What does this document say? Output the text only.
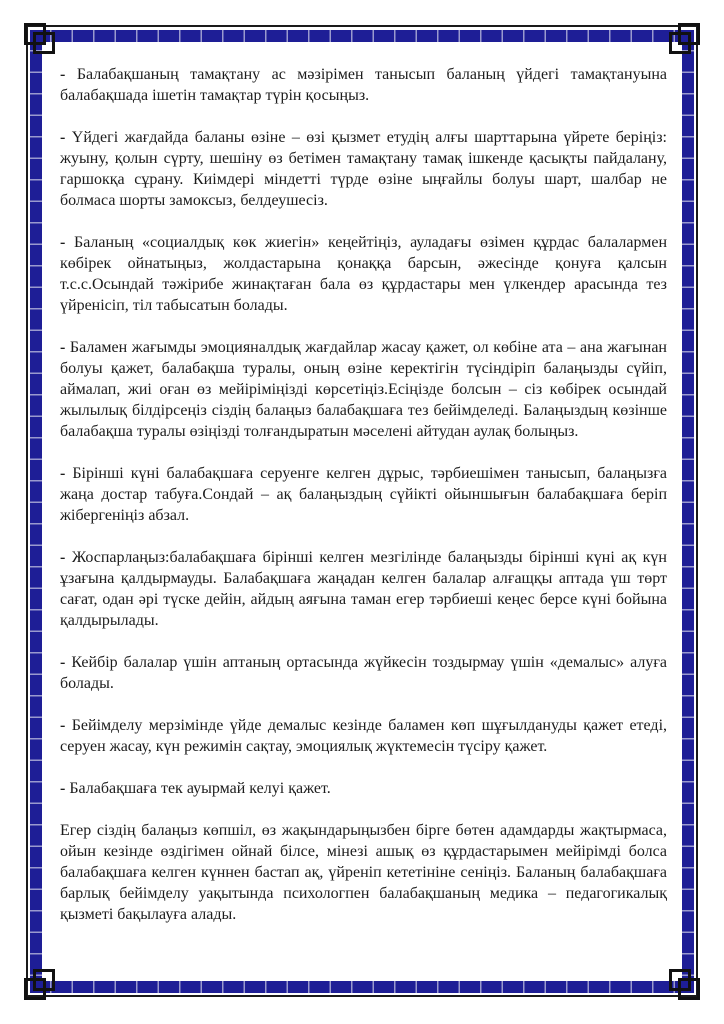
- Балабақшаның тамақтану ас мәзірімен танысып баланың үйдегі тамақтануына балабақшада ішетін тамақтар түрін қосыңыз.

- Үйдегі жағдайда баланы өзіне – өзі қызмет етудің алғы шарттарына үйрете беріңіз: жуыну, қолын сүрту, шешіну өз бетімен тамақтану тамақ ішкенде қасықты пайдалану, гаршокқа сұрану. Киімдері міндетті түрде өзіне ыңғайлы болуы шарт, шалбар не болмаса шорты замоксыз, белдеушесіз.

- Баланың «социалдық көк жиегін» кеңейтіңіз, ауладағы өзімен құрдас балалармен көбірек ойнатыңыз, жолдастарына қонаққа барсын, әжесінде қонуға қалсын т.с.с.Осындай тәжірибе жинақтаған бала өз құрдастары мен үлкендер арасында тез үйренісіп, тіл табысатын болады.

- Баламен жағымды эмоцияналдық жағдайлар жасау қажет, ол көбіне ата – ана жағынан болуы қажет, балабақша туралы, оның өзіне керектігін түсіндіріп балаңызды сүйіп, аймалап, жиі оған өз мейіріміңізді көрсетіңіз.Есіңізде болсын – сіз көбірек осындай жылылық білдірсеңіз сіздің балаңыз балабақшаға тез бейімделеді. Балаңыздың көзінше балабақша туралы өзіңізді толғандыратын мәселені айтудан аулақ болыңыз.

- Бірінші күні балабақшаға серуенге келген дұрыс, тәрбиешімен танысып, балаңызға жаңа достар табуға.Сондай – ақ балаңыздың сүйікті ойыншығын балабақшаға беріп жібергеніңіз абзал.

- Жоспарлаңыз:балабақшаға бірінші келген мезгілінде балаңызды бірінші күні ақ күн ұзағына қалдырмауды. Балабақшаға жаңадан келген балалар алғащқы аптада үш төрт сағат, одан әрі түске дейін, айдың аяғына таман егер тәрбиеші кеңес берсе күні бойына қалдырылады.

- Кейбір балалар үшін аптаның ортасында жүйкесін тоздырмау үшін «демалыс» алуға болады.

- Бейімделу мерзімінде үйде демалыс кезінде баламен көп шұғылдануды қажет етеді, серуен жасау, күн режимін сақтау, эмоциялық жүктемесін түсіру қажет.

- Балабақшаға тек ауырмай келуі қажет.

Егер сіздің балаңыз көпшіл, өз жақындарыңызбен бірге бөтен адамдарды жақтырмаса, ойын кезінде өздігімен ойнай білсе, мінезі ашық өз құрдастарымен мейірімді болса балабақшаға келген күннен бастап ақ, үйреніп кететініне сеніңіз. Баланың балабақшаға барлық бейімделу уақытында психологпен балабақшаның медика – педагогикалық қызметі бақылауға алады.
